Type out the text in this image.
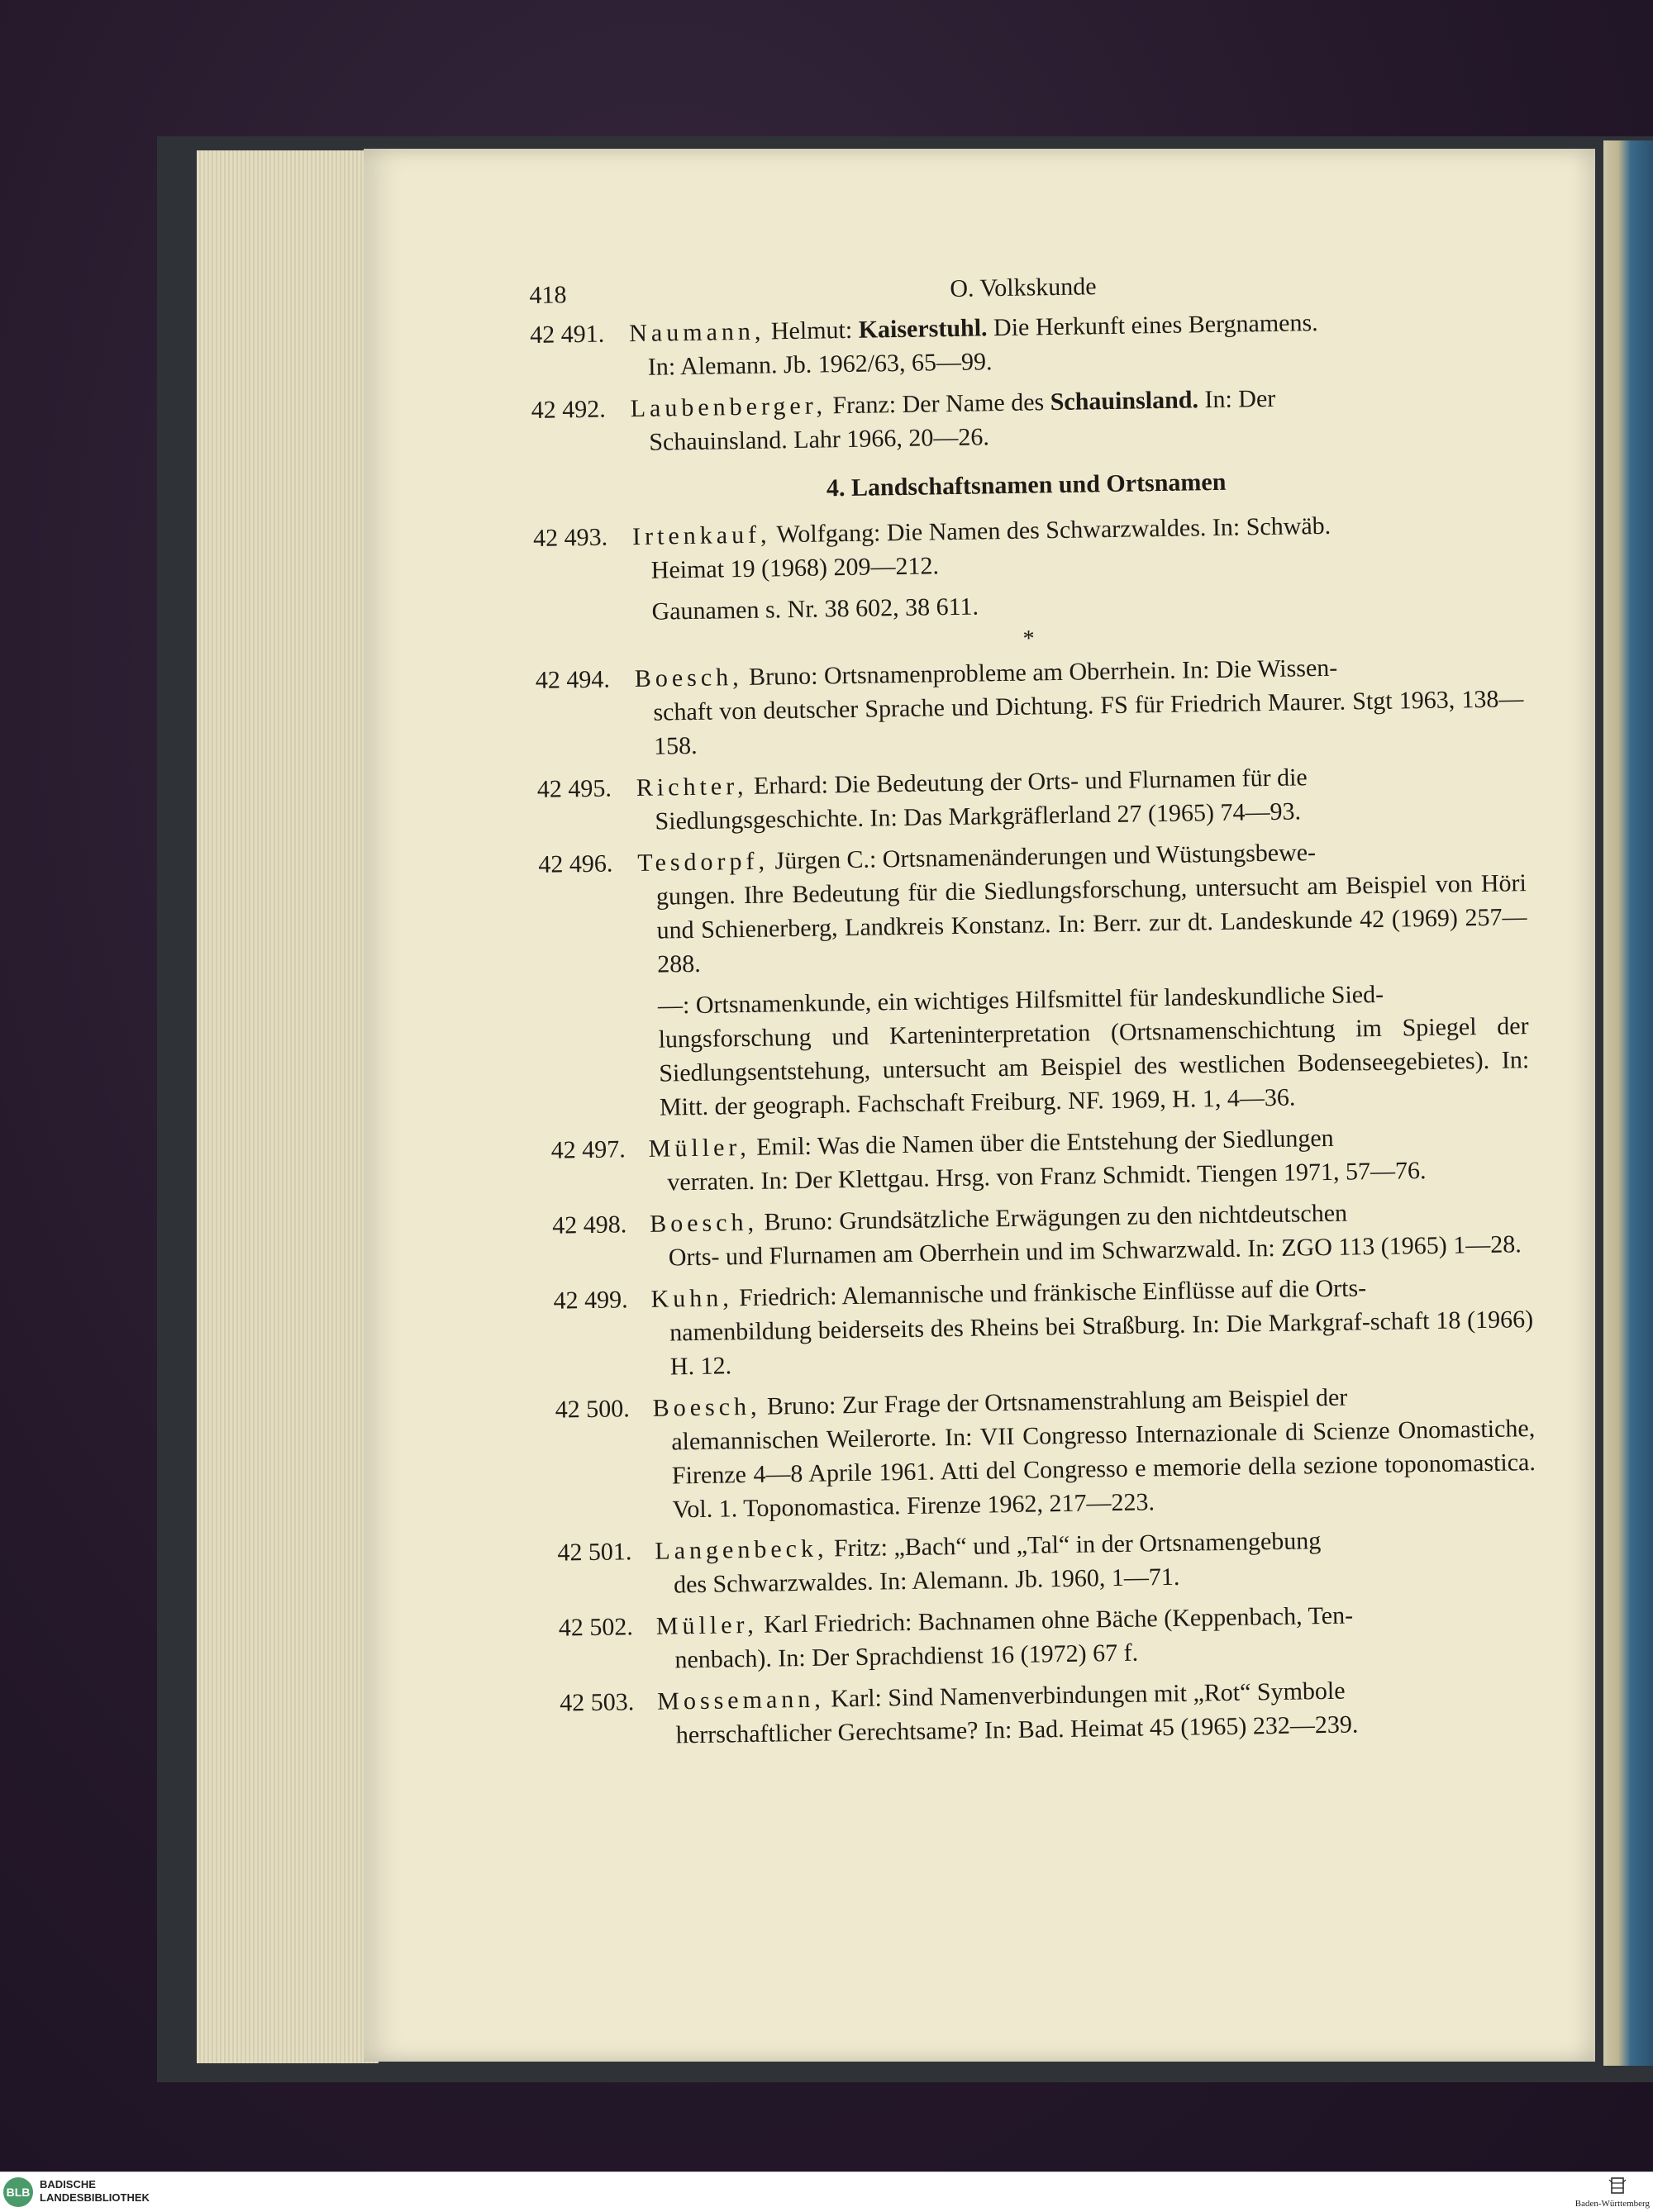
418	O. Volkskunde
42 491. Naumann, Helmut: Kaiserstuhl. Die Herkunft eines Bergnamens.
In: Alemann. Jb. 1962/63, 65—99.
42 492. Laubenberger, Franz: Der Name des Schauinsland. In: Der
Schauinsland. Lahr 1966, 20—26.
4. Landschaftsnamen und Ortsnamen
42 493. Irtenkauf, Wolfgang: Die Namen des Schwarzwaldes. In: Schwäb.
Heimat 19 (1968) 209—212.
Gaunamen s. Nr. 38 602, 38 611.
*
42 494. Boesch, Bruno: Ortsnamenprobleme am Oberrhein. In: Die Wissen-
schaft von deutscher Sprache und Dichtung. FS für Friedrich Maurer. Stgt 1963, 138—158.
42 495. Richter, Erhard: Die Bedeutung der Orts- und Flurnamen für die
Siedlungsgeschichte. In: Das Markgräflerland 27 (1965) 74—93.
42 496. Tesdorpf, Jürgen C.: Ortsnamenänderungen und Wüstungsbewe-
gungen. Ihre Bedeutung für die Siedlungsforschung, untersucht am Beispiel von Höri und Schienerberg, Landkreis Konstanz. In: Berr. zur dt. Landeskunde 42 (1969) 257—288.
—: Ortsnamenkunde, ein wichtiges Hilfsmittel für landeskundliche Sied-
lungsforschung und Karteninterpretation (Ortsnamenschichtung im Spiegel der Siedlungsentstehung, untersucht am Beispiel des westlichen Bodenseegebietes). In: Mitt. der geograph. Fachschaft Freiburg. NF. 1969, H. 1, 4—36.
42 497. Müller, Emil: Was die Namen über die Entstehung der Siedlungen
verraten. In: Der Klettgau. Hrsg. von Franz Schmidt. Tiengen 1971, 57—76.
42 498. Boesch, Bruno: Grundsätzliche Erwägungen zu den nichtdeutschen
Orts- und Flurnamen am Oberrhein und im Schwarzwald. In: ZGO 113 (1965) 1—28.
42 499. Kuhn, Friedrich: Alemannische und fränkische Einflüsse auf die Orts-
namenbildung beiderseits des Rheins bei Straßburg. In: Die Markgraf-schaft 18 (1966) H. 12.
42 500. Boesch, Bruno: Zur Frage der Ortsnamenstrahlung am Beispiel der
alemannischen Weilerorte. In: VII Congresso Internazionale di Scienze Onomastiche, Firenze 4—8 Aprile 1961. Atti del Congresso e memorie della sezione toponomastica. Vol. 1. Toponomastica. Firenze 1962, 217—223.
42 501. Langenbeck, Fritz: „Bach“ und „Tal“ in der Ortsnamengebung
des Schwarzwaldes. In: Alemann. Jb. 1960, 1—71.
42 502. Müller, Karl Friedrich: Bachnamen ohne Bäche (Keppenbach, Ten-
nenbach). In: Der Sprachdienst 16 (1972) 67 f.
42 503. Mossemann, Karl: Sind Namenverbindungen mit „Rot“ Symbole
herrschaftlicher Gerechtsame? In: Bad. Heimat 45 (1965) 232—239.
BLB
BADISCHE
LANDESBIBLIOTHEK	Baden-Württemberg
